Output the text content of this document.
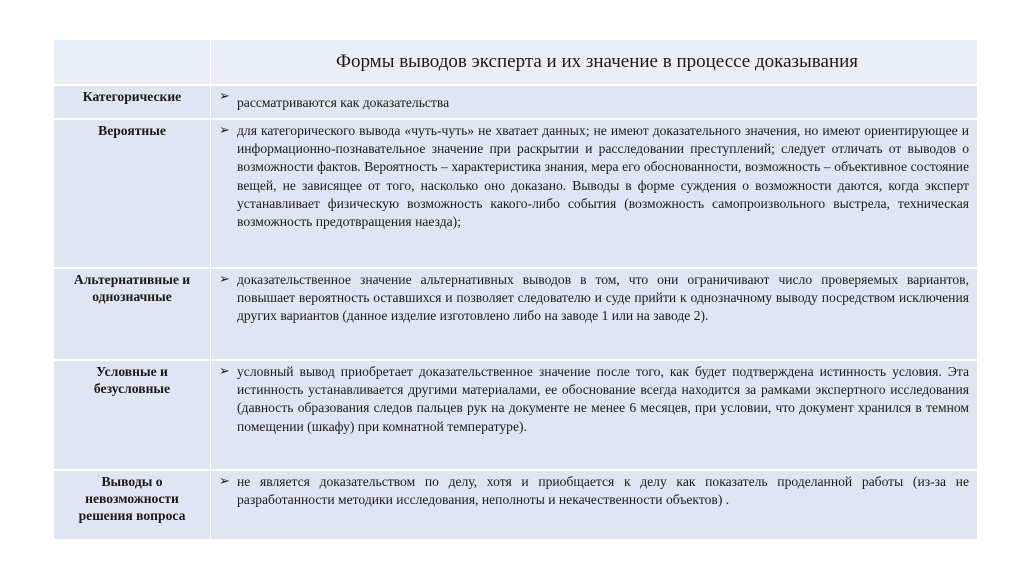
	Формы выводов эксперта и их значение в процессе доказывания
Категорические	➢ рассматриваются как доказательства

Вероятные	➢ для категорического вывода «чуть-чуть» не хватает данных; не имеют доказательного значения, но имеют ориентирующее и информационно-познавательное значение при раскрытии и расследовании преступлений; следует отличать от выводов о возможности фактов. Вероятность – характеристика знания, мера его обоснованности, возможность – объективное состояние вещей, не зависящее от того, насколько оно доказано. Выводы в форме суждения о возможности даются, когда эксперт устанавливает физическую возможность какого-либо события (возможность самопроизвольного выстрела, техническая возможность предотвращения наезда);

Альтернативные и однозначные	➢ доказательственное значение альтернативных выводов в том, что они ограничивают число проверяемых вариантов, повышает вероятность оставшихся и позволяет следователю и суде прийти к однозначному выводу посредством исключения других вариантов (данное изделие изготовлено либо на заводе 1 или на заводе 2).

Условные и безусловные	➢ условный вывод приобретает доказательственное значение после того, как будет подтверждена истинность условия. Эта истинность устанавливается другими материалами, ее обоснование всегда находится за рамками экспертного исследования (давность образования следов пальцев рук на документе не менее 6 месяцев, при условии, что документ хранился в темном помещении (шкафу) при комнатной температуре).

Выводы о невозможности решения вопроса	➢ не является доказательством по делу, хотя и приобщается к делу как показатель проделанной работы (из-за не разработанности методики исследования, неполноты и некачественности объектов) .
